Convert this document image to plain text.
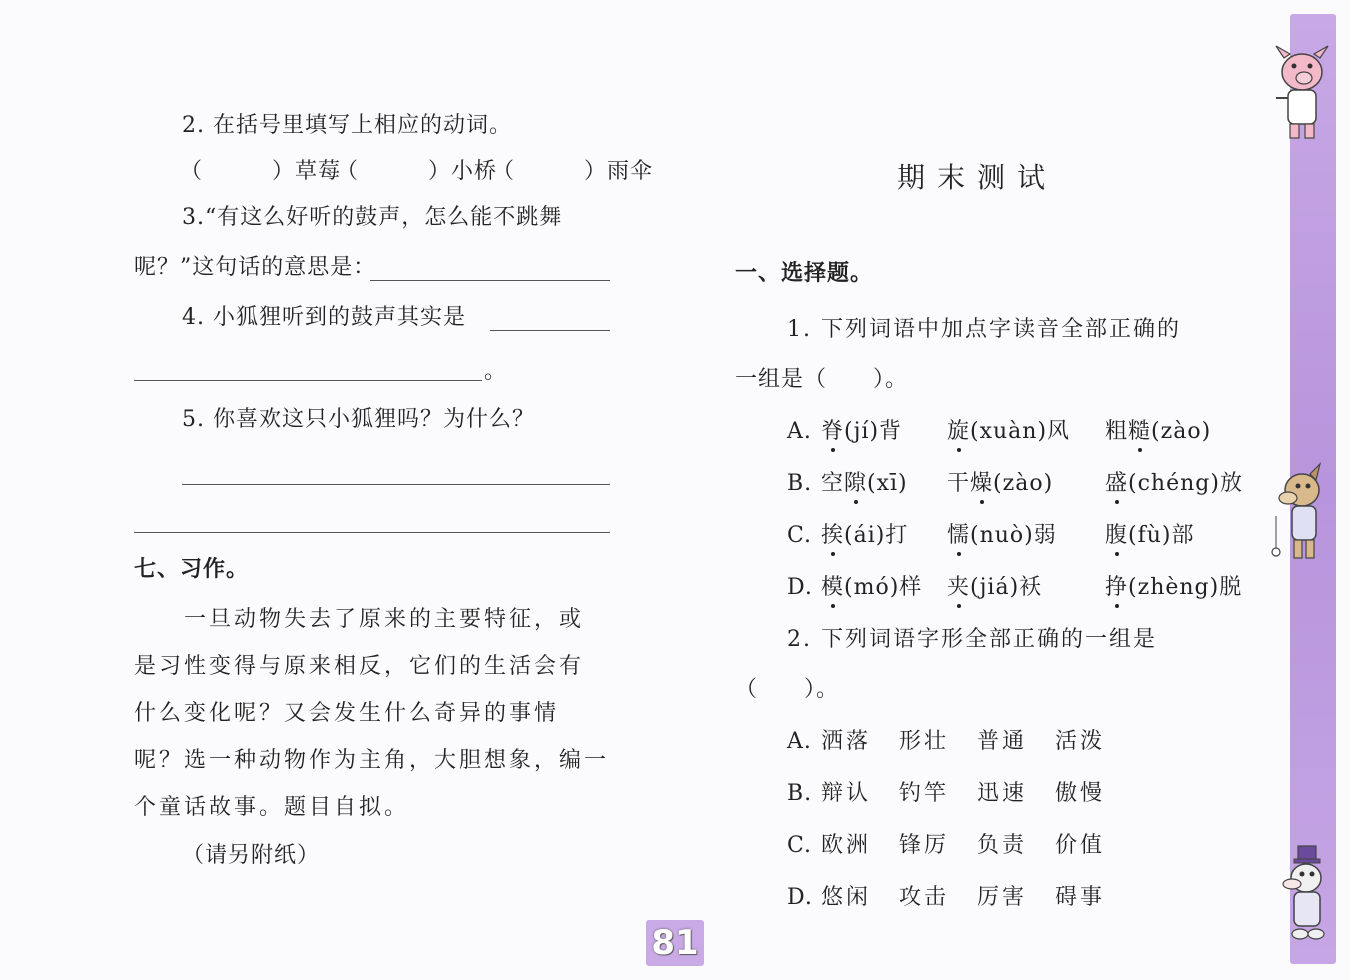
2. 在括号里填写上相应的动词。
（　　　）草莓
（　　　）小桥
（　　　）雨伞
3.“有这么好听的鼓声，怎么能不跳舞
呢？”这句话的意思是：
4. 小狐狸听到的鼓声其实是
。
5. 你喜欢这只小狐狸吗？为什么？
七、习作。
一旦动物失去了原来的主要特征，或
是习性变得与原来相反，它们的生活会有
什么变化呢？又会发生什么奇异的事情
呢？选一种动物作为主角，大胆想象，编一
个童话故事。题目自拟。
（请另附纸）
期末测试
一、选择题。
1. 下列词语中加点字读音全部正确的
一组是（　　）。
A. 脊(jí)背 旋(xuàn)风 粗糙(zào)
B. 空隙(xī) 干燥(zào) 盛(chéng)放
C. 挨(ái)打 懦(nuò)弱 腹(fù)部
D. 模(mó)样 夹(jiá)袄	挣(zhèng)脱
2. 下列词语字形全部正确的一组是
（　　）。
A. 洒落 形壮 普通 活泼
B. 辩认 钓竿 迅速 傲慢
C. 欧洲 锋厉 负责 价值
D. 悠闲 攻击 厉害 碍事
81
